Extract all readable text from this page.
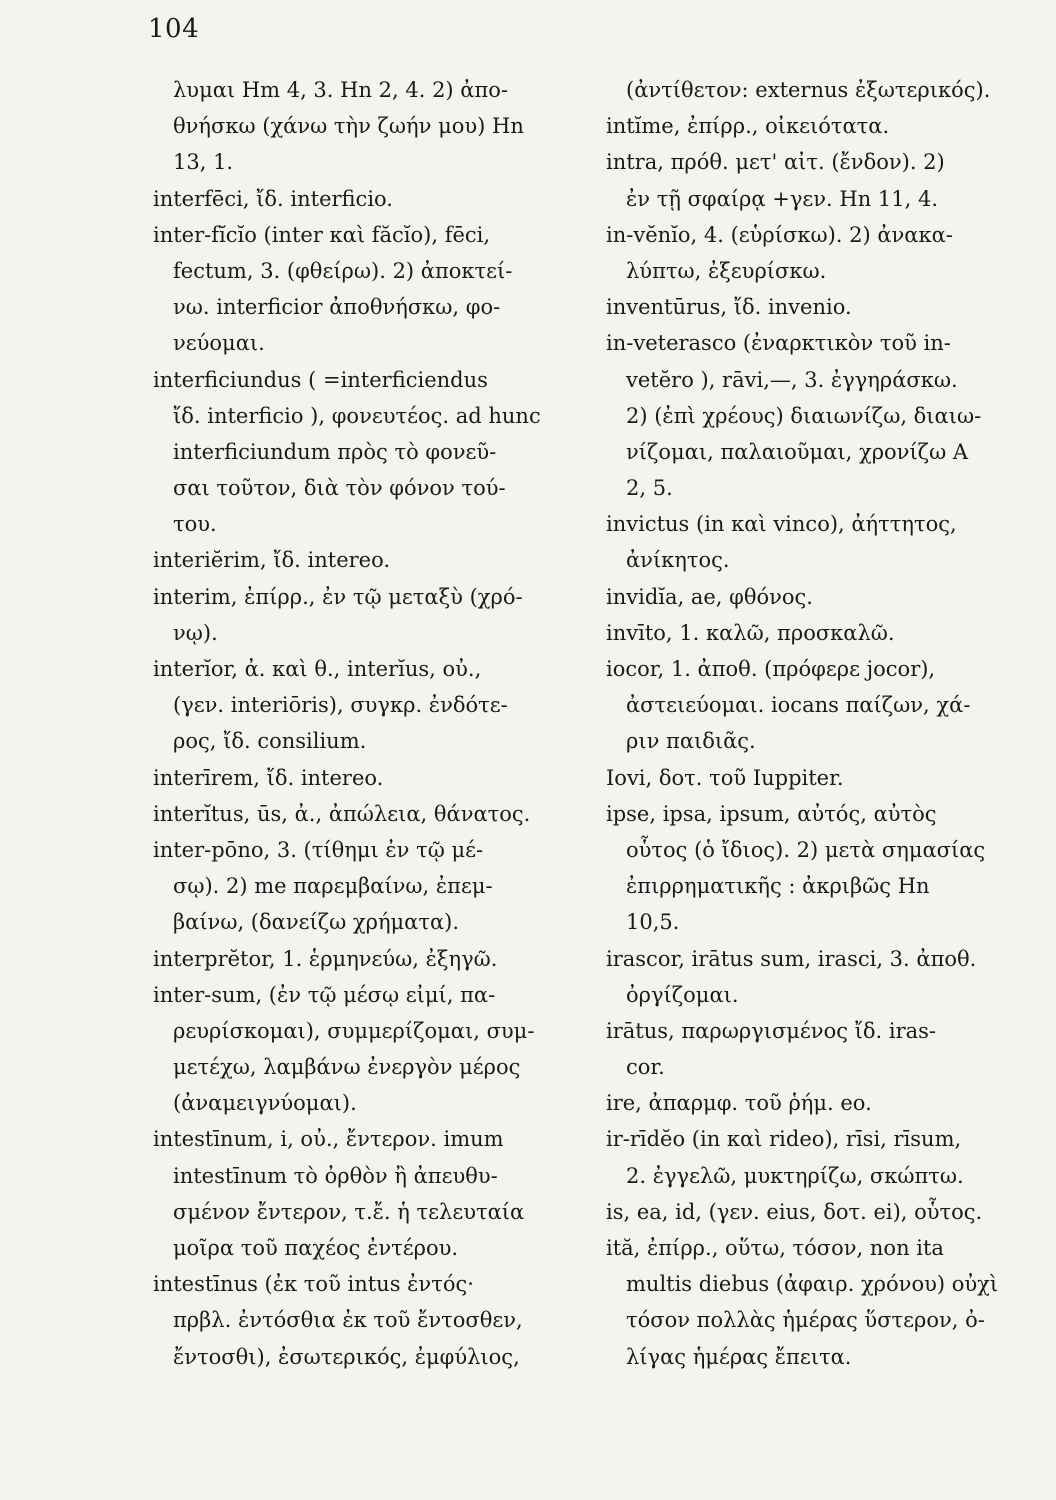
104
λυμαι Hm 4, 3. Hn 2, 4. 2) ἀπο-
θνήσκω (χάνω τὴν ζωήν μου) Hn
13, 1.
interfēci, ἴδ. interficio.
inter-fĭcĭo (inter καὶ făcĭo), fēci,
fectum, 3. (φθείρω). 2) ἀποκτεί-
νω. interficior ἀποθνήσκω, φο-
νεύομαι.
interficiundus ( =interficiendus
ἴδ. interficio ), φονευτέος. ad hunc
interficiundum πρὸς τὸ φονεῦ-
σαι τοῦτον, διὰ τὸν φόνον τού-
του.
interiĕrim, ἴδ. intereo.
interim, ἐπίρρ., ἐν τῷ μεταξὺ (χρό-
νῳ).
interĭor, ἀ. καὶ θ., interĭus, οὐ.,
(γεν. interiōris), συγκρ. ἐνδότε-
ρος, ἴδ. consilium.
interīrem, ἴδ. intereo.
interĭtus, ūs, ἀ., ἀπώλεια, θάνατος.
inter-pōno, 3. (τίθημι ἐν τῷ μέ-
σῳ). 2) me παρεμβαίνω, ἐπεμ-
βαίνω, (δανείζω χρήματα).
interprĕtor, 1. ἑρμηνεύω, ἐξηγῶ.
inter-sum, (ἐν τῷ μέσῳ εἰμί, πα-
ρευρίσκομαι), συμμερίζομαι, συμ-
μετέχω, λαμβάνω ἐνεργὸν μέρος
(ἀναμειγνύομαι).
intestīnum, i, οὐ., ἔντερον. imum
intestīnum τὸ ὀρθὸν ἢ ἀπευθυ-
σμένον ἔντερον, τ.ἔ. ἡ τελευταία
μοῖρα τοῦ παχέος ἐντέρου.
intestīnus (ἐκ τοῦ intus ἐντός·
πρβλ. ἐντόσθια ἐκ τοῦ ἔντοσθεν,
ἔντοσθι), ἐσωτερικός, ἐμφύλιος,
(ἀντίθετον: externus ἐξωτερικός).
intĭme, ἐπίρρ., οἰκειότατα.
intra, πρόθ. μετ' αἰτ. (ἔνδον). 2)
ἐν τῇ σφαίρᾳ +γεν. Hn 11, 4.
in-vĕnĭo, 4. (εὑρίσκω). 2) ἀνακα-
λύπτω, ἐξευρίσκω.
inventūrus, ἴδ. invenio.
in-veterasco (ἐναρκτικὸν τοῦ in-
vetĕro ), rāvi,—, 3. ἐγγηράσκω.
2) (ἐπὶ χρέους) διαιωνίζω, διαιω-
νίζομαι, παλαιοῦμαι, χρονίζω A
2, 5.
invictus (in καὶ vinco), ἀήττητος,
ἀνίκητος.
invidĭa, ae, φθόνος.
invīto, 1. καλῶ, προσκαλῶ.
iocor, 1. ἀποθ. (πρόφερε jocor),
ἀστειεύομαι. iocans παίζων, χά-
ριν παιδιᾶς.
Iovi, δοτ. τοῦ Iuppiter.
ipse, ipsa, ipsum, αὐτός, αὐτὸς
οὗτος (ὁ ἴδιος). 2) μετὰ σημασίας
ἐπιρρηματικῆς : ἀκριβῶς Hn
10,5.
irascor, irātus sum, irasci, 3. ἀποθ.
ὀργίζομαι.
irātus, παρωργισμένος ἴδ. iras-
cor.
ire, ἀπαρμφ. τοῦ ῥήμ. eo.
ir-rīdĕo (in καὶ rideo), rīsi, rīsum,
2. ἐγγελῶ, μυκτηρίζω, σκώπτω.
is, ea, id, (γεν. eius, δοτ. ei), οὗτος.
ită, ἐπίρρ., οὕτω, τόσον, non ita
multis diebus (ἀφαιρ. χρόνου) οὐχὶ
τόσον πολλὰς ἡμέρας ὕστερον, ὀ-
λίγας ἡμέρας ἔπειτα.
